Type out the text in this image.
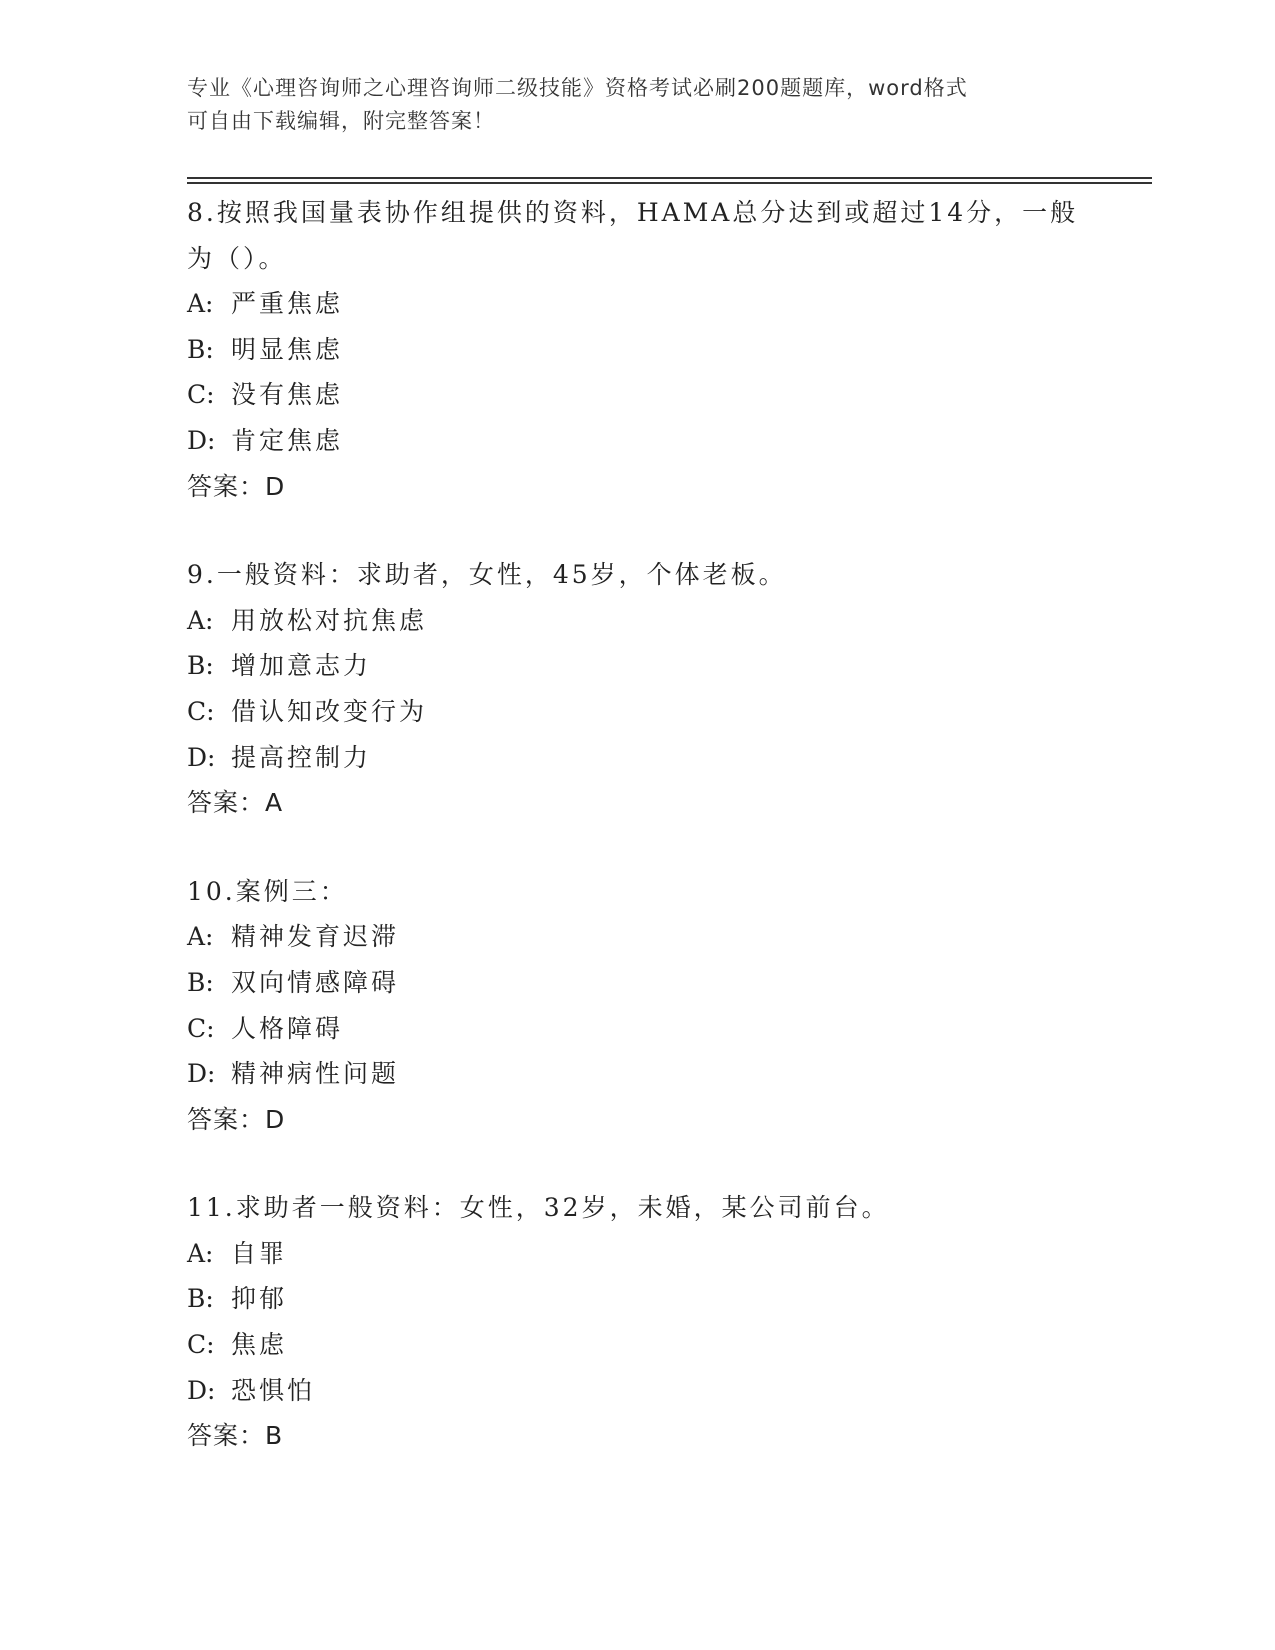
专业《心理咨询师之心理咨询师二级技能》资格考试必刷200题题库，word格式
可自由下载编辑，附完整答案！
8.按照我国量表协作组提供的资料，HAMA总分达到或超过14分，一般
为（）。
A: 严重焦虑
B: 明显焦虑
C: 没有焦虑
D: 肯定焦虑
答案：D
9.一般资料：求助者，女性，45岁，个体老板。
A: 用放松对抗焦虑
B: 增加意志力
C: 借认知改变行为
D: 提高控制力
答案：A
10.案例三：
A: 精神发育迟滞
B: 双向情感障碍
C: 人格障碍
D: 精神病性问题
答案：D
11.求助者一般资料：女性，32岁，未婚，某公司前台。
A: 自罪
B: 抑郁
C: 焦虑
D: 恐惧怕
答案：B
